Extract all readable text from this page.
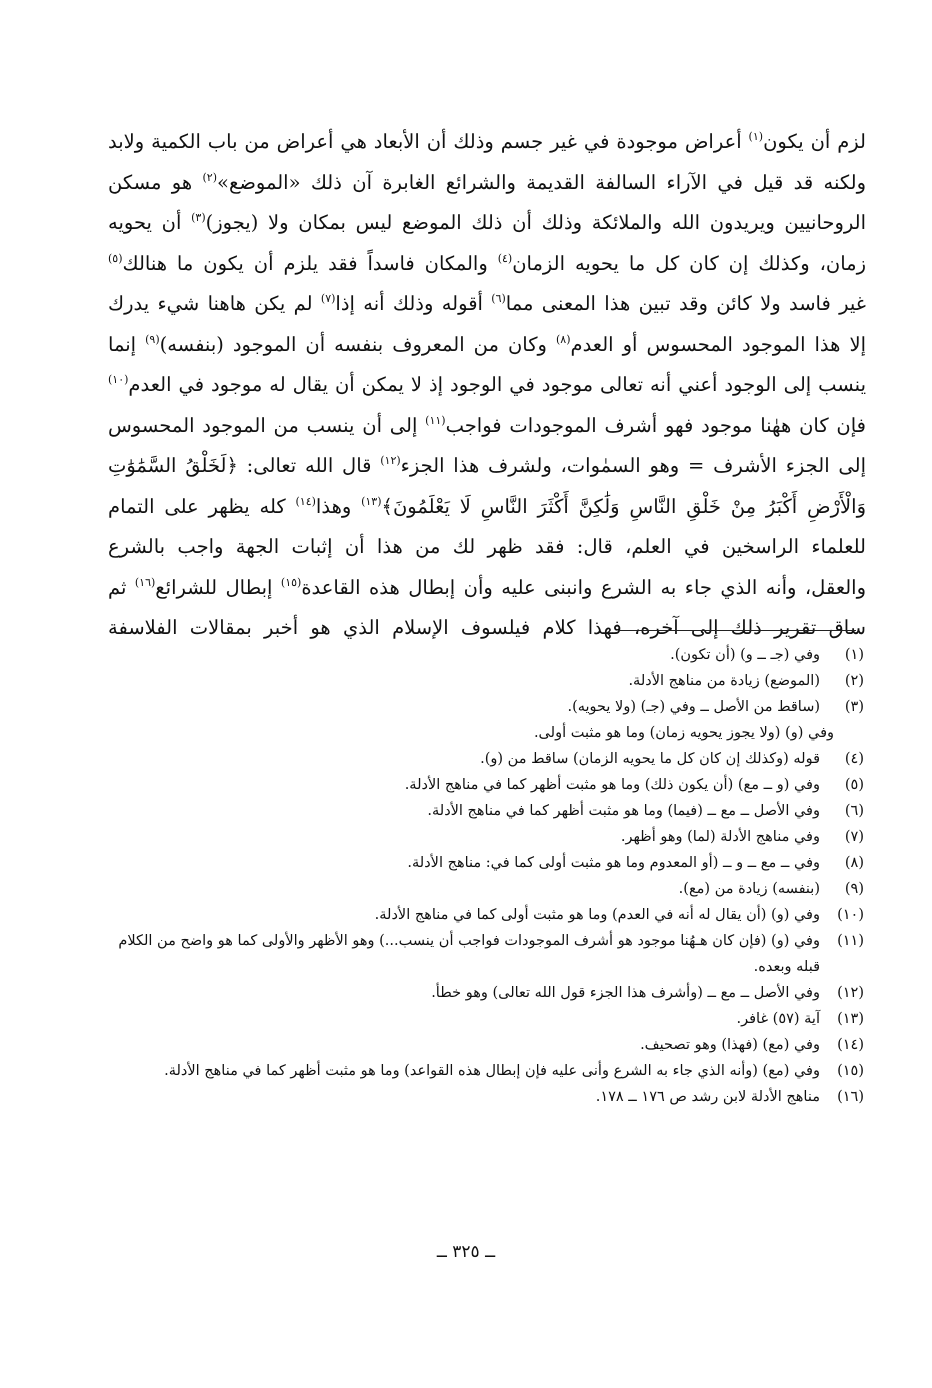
لزم أن يكون$^{(١)}$ أعراض موجودة في غير جسم وذلك أن الأبعاد هي أعراض من باب الكمية ولابد
ولكنه قد قيل في الآراء السالفة القديمة والشرائع الغابرة آن ذلك «الموضع»$^{(٢)}$ هو مسكن
الروحانيين ويريدون الله والملائكة وذلك أن ذلك الموضع ليس بمكان ولا (يجوز)$^{(٣)}$ أن يحويه
زمان، وكذلك إن كان كل ما يحويه الزمان$^{(٤)}$ والمكان فاسداً فقد يلزم أن يكون ما هنالك$^{(٥)}$
غير فاسد ولا كائن وقد تبين هذا المعنى مما$^{(٦)}$ أقوله وذلك أنه إذا$^{(٧)}$ لم يكن هاهنا شيء يدرك
إلا هذا الموجود المحسوس أو العدم$^{(٨)}$ وكان من المعروف بنفسه أن الموجود (بنفسه)$^{(٩)}$ إنما
ينسب إلى الوجود أعني أنه تعالى موجود في الوجود إذ لا يمكن أن يقال له موجود في العدم$^{(١٠)}$
فإن كان ههٰنا موجود فهو أشرف الموجودات فواجب$^{(١١)}$ إلى أن ينسب من الموجود المحسوس
إلى الجزء الأشرف = وهو السمٰوات، ولشرف هذا الجزء$^{(١٢)}$ قال الله تعالى: ﴿لَخَلْقُ السَّمَٰوَٰتِ
وَالْأَرْضِ أَكْبَرُ مِنْ خَلْقِ النَّاسِ وَلَٰكِنَّ أَكْثَرَ النَّاسِ لَا يَعْلَمُونَ﴾$^{(١٣)}$ وهذا$^{(١٤)}$ كله يظهر على التمام
للعلماء الراسخين في العلم، قال: فقد ظهر لك من هذا أن إثبات الجهة واجب بالشرع
والعقل، وأنه الذي جاء به الشرع وانبنى عليه وأن إبطال هذه القاعدة$^{(١٥)}$ إبطال للشرائع$^{(١٦)}$ ثم
ساق تقرير ذلك إلى آخره، فهذا كلام فيلسوف الإسلام الذي هو أخبر بمقالات الفلاسفة
(١)
وفي (جـ ــ و) (أن تكون).
(٢)
(الموضع) زيادة من مناهج الأدلة.
(٣)
(ساقط من الأصل ــ وفي (جـ) (ولا يحويه).
وفي (و) (ولا يجوز يحويه زمان) وما هو مثبت أولى.
(٤)
قوله (وكذلك إن كان كل ما يحويه الزمان) ساقط من (و).
(٥)
وفي (و ــ مع) (أن يكون ذلك) وما هو مثبت أظهر كما في مناهج الأدلة.
(٦)
وفي الأصل ــ مع ــ (فيما) وما هو مثبت أظهر كما في مناهج الأدلة.
(٧)
وفي مناهج الأدلة (لما) وهو أظهر.
(٨)
وفي ــ مع ــ و ــ (أو المعدوم وما هو مثبت أولى كما في: مناهج الأدلة.
(٩)
(بنفسه) زيادة من (مع).
(١٠)
وفي (و) (أن يقال له أنه في العدم) وما هو مثبت أولى كما في مناهج الأدلة.
(١١)
وفي (و) (فإن كان هـهُنا موجود هو أشرف الموجودات فواجب أن ينسب...) وهو الأظهر والأولى كما هو واضح من الكلام قبله وبعده.
(١٢)
وفي الأصل ــ مع ــ (وأشرف هذا الجزء قول الله تعالى) وهو خطأ.
(١٣)
آية (٥٧) غافر.
(١٤)
وفي (مع) (فهذا) وهو تصحيف.
(١٥)
وفي (مع) (وأنه الذي جاء به الشرع وأنى عليه فإن إبطال هذه القواعد) وما هو مثبت أظهر كما في مناهج الأدلة.
(١٦)
مناهج الأدلة لابن رشد ص ١٧٦ ــ ١٧٨.
ــ ٣٢٥ ــ
